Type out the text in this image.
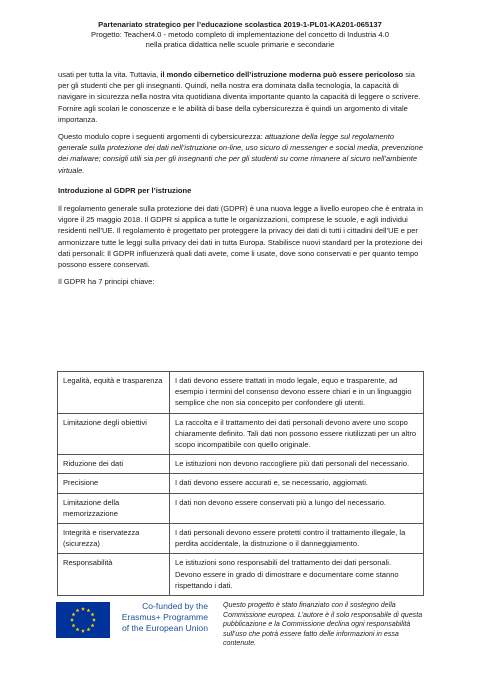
Partenariato strategico per l’educazione scolastica 2019-1-PL01-KA201-065137
Progetto: Teacher4.0 - metodo completo di implementazione del concetto di Industria 4.0
nella pratica didattica nelle scuole primarie e secondarie

usati per tutta la vita. Tuttavia, il mondo cibernetico dell’istruzione moderna può essere pericoloso sia per gli studenti che per gli insegnanti. Quindi, nella nostra era dominata dalla tecnologia, la capacità di navigare in sicurezza nella nostra vita quotidiana diventa importante quanto la capacità di leggere o scrivere. Fornire agli scolari le conoscenze e le abilità di base della cybersicurezza è quindi un argomento di vitale importanza.

Questo modulo copre i seguenti argomenti di cybersicurezza: attuazione della legge sul regolamento generale sulla protezione dei dati nell’istruzione on-line, uso sicuro di messenger e social media, prevenzione dei malware; consigli utili sia per gli insegnanti che per gli studenti su come rimanere al sicuro nell’ambiente virtuale.

Introduzione al GDPR per l’istruzione

Il regolamento generale sulla protezione dei dati (GDPR) è una nuova legge a livello europeo che è entrata in vigore il 25 maggio 2018. Il GDPR si applica a tutte le organizzazioni, comprese le scuole, e agli individui residenti nell’UE. Il regolamento è progettato per proteggere la privacy dei dati di tutti i cittadini dell’UE e per armonizzare tutte le leggi sulla privacy dei dati in tutta Europa. Stabilisce nuovi standard per la protezione dei dati personali: Il GDPR influenzerà quali dati avete, come li usate, dove sono conservati e per quanto tempo possono essere conservati.

Il GDPR ha 7 principi chiave:

Legalità, equità e trasparenza	I dati devono essere trattati in modo legale, equo e trasparente, ad esempio i termini del consenso devono essere chiari e in un linguaggio semplice che non sia concepito per confondere gli utenti.
Limitazione degli obiettivi	La raccolta e il trattamento dei dati personali devono avere uno scopo chiaramente definito. Tali dati non possono essere riutilizzati per un altro scopo incompatibile con quello originale.
Riduzione dei dati	Le istituzioni non devono raccogliere più dati personali del necessario.
Precisione	I dati devono essere accurati e, se necessario, aggiornati.
Limitazione della memorizzazione	I dati non devono essere conservati più a lungo del necessario.
Integrità e riservatezza (sicurezza)	I dati personali devono essere protetti contro il trattamento illegale, la perdita accidentale, la distruzione o il danneggiamento.
Responsabilità	Le istituzioni sono responsabili del trattamento dei dati personali. Devono essere in grado di dimostrare e documentare come stanno rispettando i dati.
Co-funded by the
Erasmus+ Programme
of the European Union
Questo progetto è stato finanziato con il sostegno della Commissione europea. L’autore è il solo responsabile di questa pubblicazione e la Commissione declina ogni responsabilità sull’uso che potrà essere fatto delle informazioni in essa contenute.
